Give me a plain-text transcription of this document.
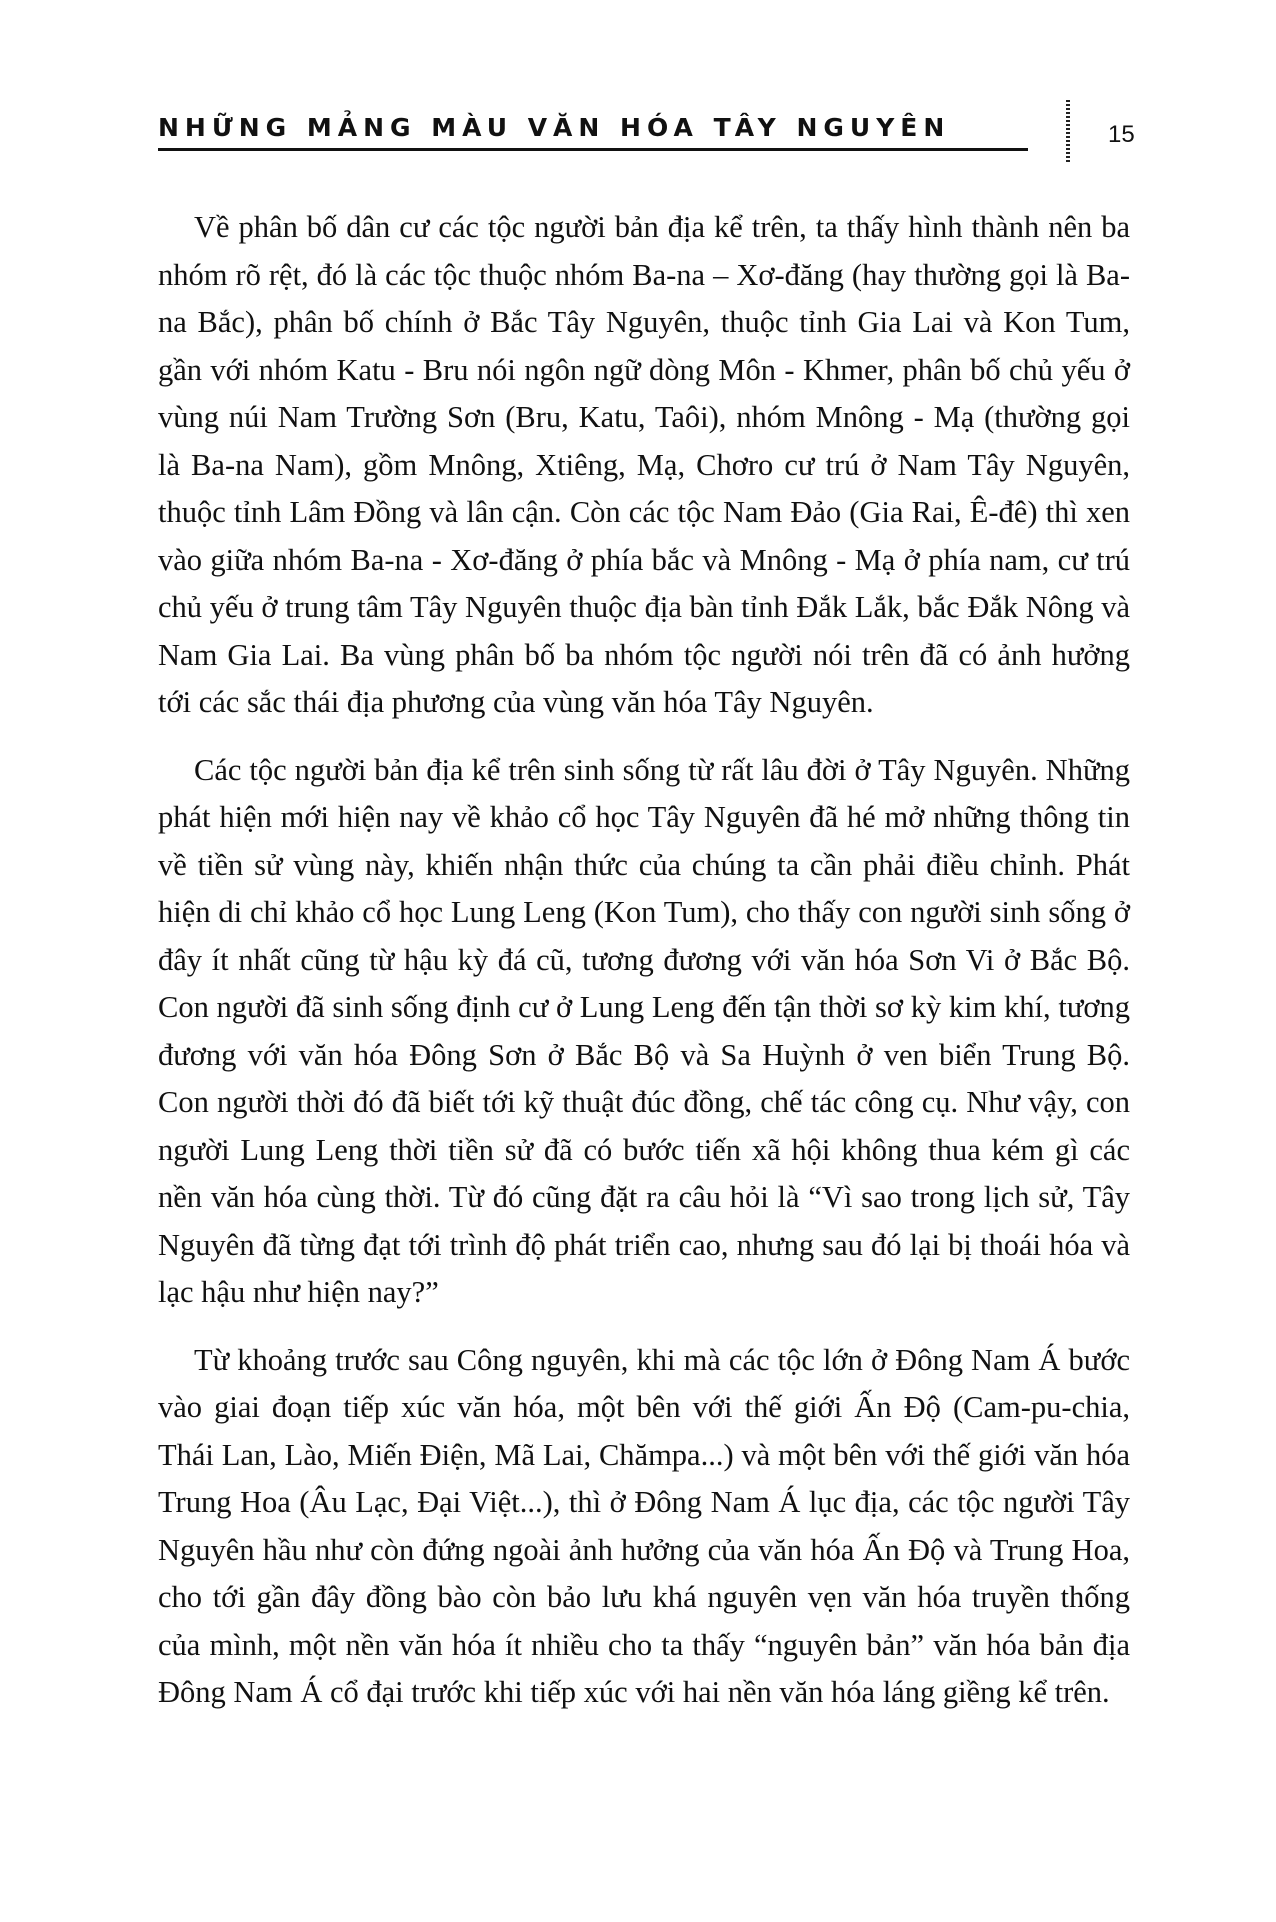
NHỮNG MẢNG MÀU VĂN HÓA TÂY NGUYÊN	15

Về phân bố dân cư các tộc người bản địa kể trên, ta thấy hình thành nên ba nhóm rõ rệt, đó là các tộc thuộc nhóm Ba-na – Xơ-đăng (hay thường gọi là Ba-na Bắc), phân bố chính ở Bắc Tây Nguyên, thuộc tỉnh Gia Lai và Kon Tum, gần với nhóm Katu - Bru nói ngôn ngữ dòng Môn - Khmer, phân bố chủ yếu ở vùng núi Nam Trường Sơn (Bru, Katu, Taôi), nhóm Mnông - Mạ (thường gọi là Ba-na Nam), gồm Mnông, Xtiêng, Mạ, Chơro cư trú ở Nam Tây Nguyên, thuộc tỉnh Lâm Đồng và lân cận. Còn các tộc Nam Đảo (Gia Rai, Ê-đê) thì xen vào giữa nhóm Ba-na - Xơ-đăng ở phía bắc và Mnông - Mạ ở phía nam, cư trú chủ yếu ở trung tâm Tây Nguyên thuộc địa bàn tỉnh Đắk Lắk, bắc Đắk Nông và Nam Gia Lai. Ba vùng phân bố ba nhóm tộc người nói trên đã có ảnh hưởng tới các sắc thái địa phương của vùng văn hóa Tây Nguyên.

Các tộc người bản địa kể trên sinh sống từ rất lâu đời ở Tây Nguyên. Những phát hiện mới hiện nay về khảo cổ học Tây Nguyên đã hé mở những thông tin về tiền sử vùng này, khiến nhận thức của chúng ta cần phải điều chỉnh. Phát hiện di chỉ khảo cổ học Lung Leng (Kon Tum), cho thấy con người sinh sống ở đây ít nhất cũng từ hậu kỳ đá cũ, tương đương với văn hóa Sơn Vi ở Bắc Bộ. Con người đã sinh sống định cư ở Lung Leng đến tận thời sơ kỳ kim khí, tương đương với văn hóa Đông Sơn ở Bắc Bộ và Sa Huỳnh ở ven biển Trung Bộ. Con người thời đó đã biết tới kỹ thuật đúc đồng, chế tác công cụ. Như vậy, con người Lung Leng thời tiền sử đã có bước tiến xã hội không thua kém gì các nền văn hóa cùng thời. Từ đó cũng đặt ra câu hỏi là “Vì sao trong lịch sử, Tây Nguyên đã từng đạt tới trình độ phát triển cao, nhưng sau đó lại bị thoái hóa và lạc hậu như hiện nay?”

Từ khoảng trước sau Công nguyên, khi mà các tộc lớn ở Đông Nam Á bước vào giai đoạn tiếp xúc văn hóa, một bên với thế giới Ấn Độ (Cam-pu-chia, Thái Lan, Lào, Miến Điện, Mã Lai, Chămpa...) và một bên với thế giới văn hóa Trung Hoa (Âu Lạc, Đại Việt...), thì ở Đông Nam Á lục địa, các tộc người Tây Nguyên hầu như còn đứng ngoài ảnh hưởng của văn hóa Ấn Độ và Trung Hoa, cho tới gần đây đồng bào còn bảo lưu khá nguyên vẹn văn hóa truyền thống của mình, một nền văn hóa ít nhiều cho ta thấy “nguyên bản” văn hóa bản địa Đông Nam Á cổ đại trước khi tiếp xúc với hai nền văn hóa láng giềng kể trên.
